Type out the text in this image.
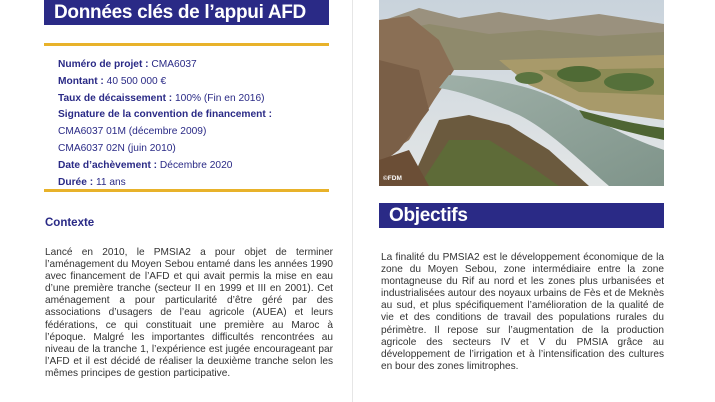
Données clés de l’appui AFD
Numéro de projet : CMA6037
Montant : 40 500 000 €
Taux de décaissement : 100% (Fin en 2016)
Signature de la convention de financement :
CMA6037 01M (décembre 2009)
CMA6037 02N (juin 2010)
Date d’achèvement : Décembre 2020
Durée : 11 ans
Contexte
Lancé en 2010, le PMSIA2 a pour objet de terminer l’aménagement du Moyen Sebou entamé dans les années 1990 avec financement de l’AFD et qui avait permis la mise en eau d’une première tranche (secteur II en 1999 et III en 2001). Cet aménagement a pour particularité d’être géré par des associations d’usagers de l’eau agricole (AUEA) et leurs fédérations, ce qui constituait une première au Maroc à l’époque. Malgré les importantes difficultés rencontrées au niveau de la tranche 1, l’expérience est jugée encourageant par l’AFD et il est décidé de réaliser la deuxième tranche selon les mêmes principes de gestion participative.
©FDM
Objectifs
La finalité du PMSIA2 est le développement économique de la zone du Moyen Sebou, zone intermédiaire entre la zone montagneuse du Rif au nord et les zones plus urbanisées et industrialisées autour des noyaux urbains de Fès et de Meknès au sud, et plus spécifiquement l’amélioration de la qualité de vie et des conditions de travail des populations rurales du périmètre. Il repose sur l’augmentation de la production agricole des secteurs IV et V du PMSIA grâce au développement de l’irrigation et à l’intensification des cultures en bour des zones limitrophes.
